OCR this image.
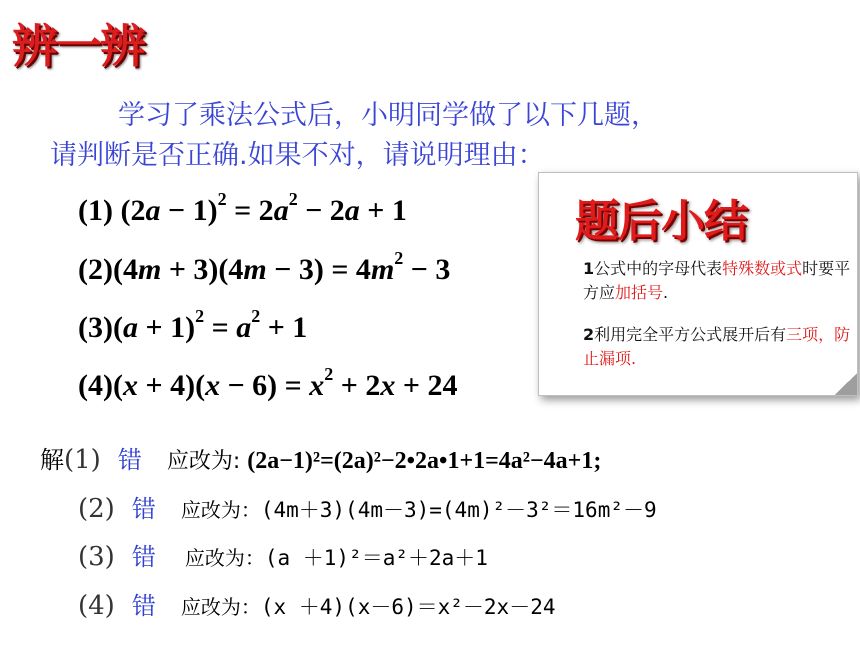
辨一辨
学习了乘法公式后，小明同学做了以下几题，
请判断是否正确.如果不对，请说明理由：
(1) $(2a - 1)^2 = 2a^2 - 2a + 1$
$(2)(4m + 3)(4m - 3) = 4m^2 - 3$
$(3)(a + 1)^2 = a^2 + 1$
$(4)(x + 4)(x - 6) = x^2 + 2x + 24$
题后小结
1公式中的字母代表特殊数或式时要平方应加括号.
2利用完全平方公式展开后有三项，防止漏项.
解(1) 错 应改为: (2a−1)²=(2a)²−2•2a•1+1=4a²−4a+1;
(2) 错 应改为：(4m＋3)(4m－3)=(4m)²－3²＝16m²－9
(3) 错 应改为：(a ＋1)²＝a²＋2a＋1
(4) 错 应改为：(x ＋4)(x－6)＝x²－2x－24
